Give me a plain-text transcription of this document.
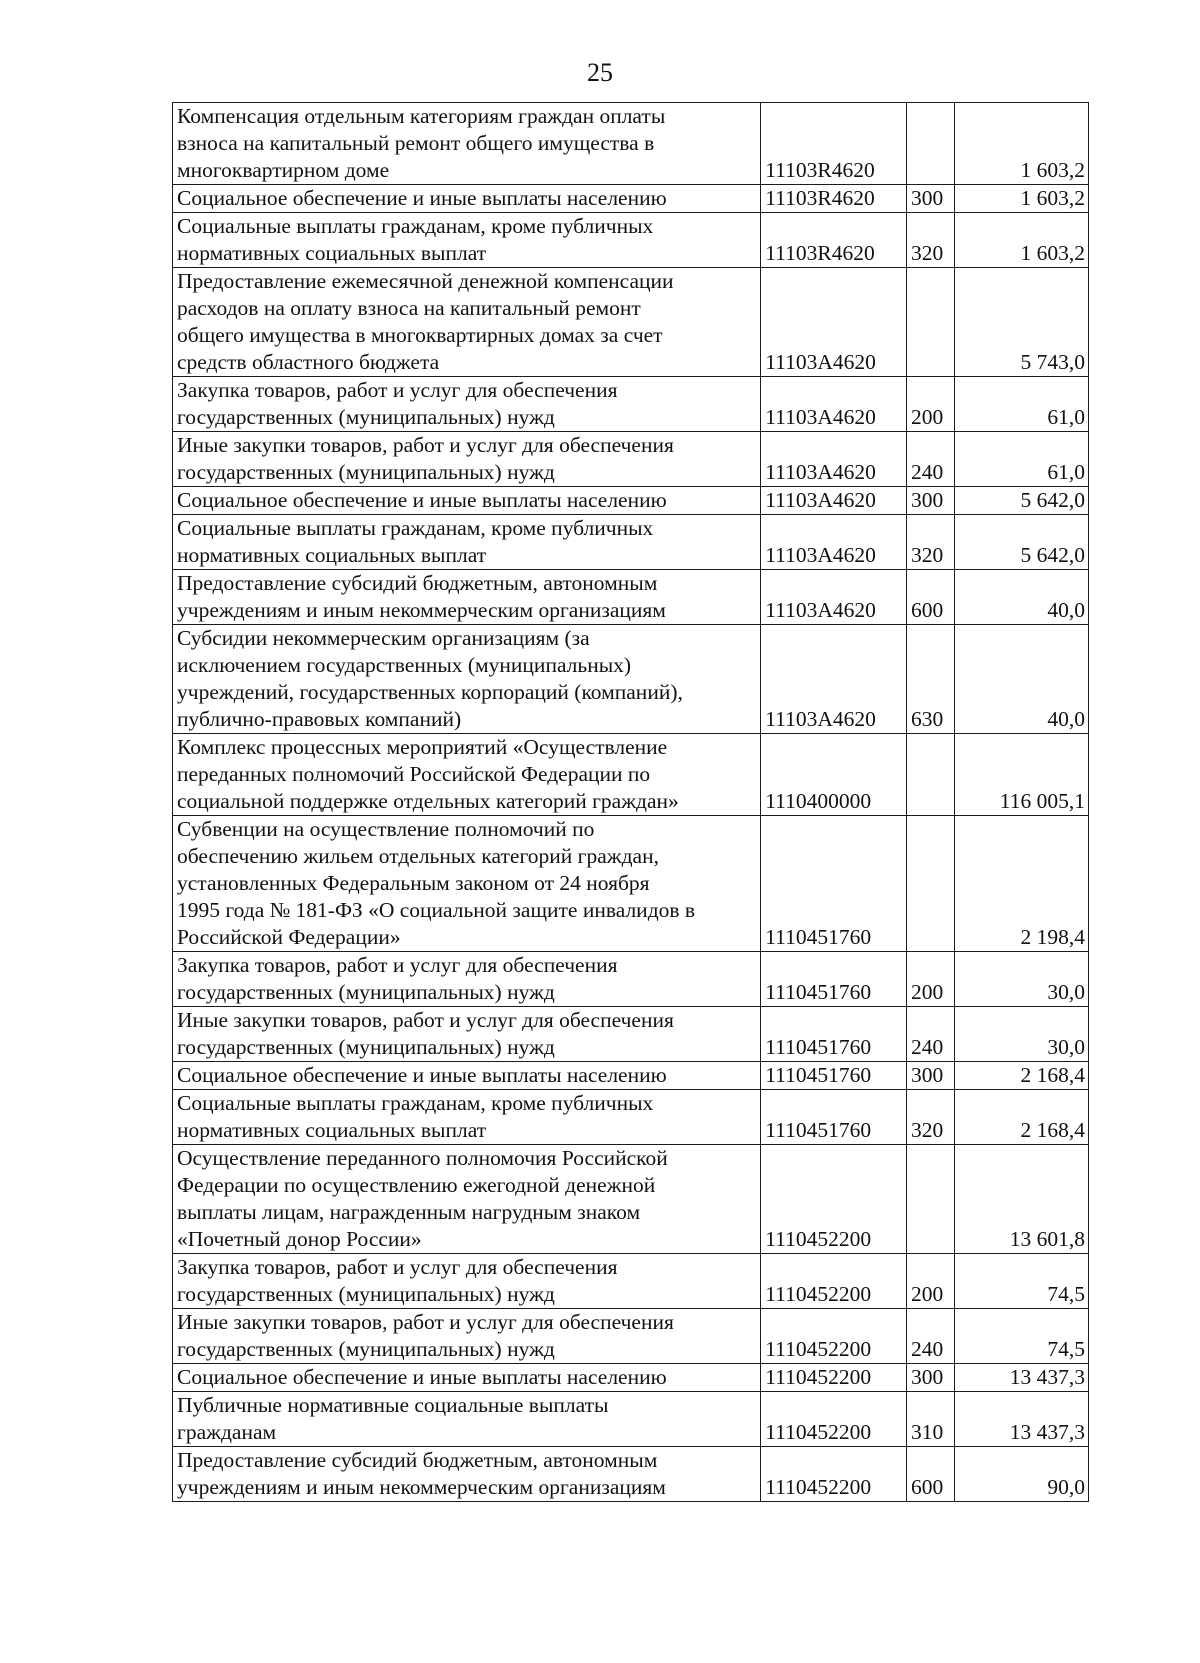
25
Компенсация отдельным категориям граждан оплаты
взноса на капитальный ремонт общего имущества в
многоквартирном доме	11103R4620		1 603,2

Социальное обеспечение и иные выплаты населению	11103R4620	300	1 603,2

Социальные выплаты гражданам, кроме публичных
нормативных социальных выплат	11103R4620	320	1 603,2

Предоставление ежемесячной денежной компенсации
расходов на оплату взноса на капитальный ремонт
общего имущества в многоквартирных домах за счет
средств областного бюджета	11103А4620		5 743,0

Закупка товаров, работ и услуг для обеспечения
государственных (муниципальных) нужд	11103А4620	200	61,0

Иные закупки товаров, работ и услуг для обеспечения
государственных (муниципальных) нужд	11103А4620	240	61,0

Социальное обеспечение и иные выплаты населению	11103А4620	300	5 642,0

Социальные выплаты гражданам, кроме публичных
нормативных социальных выплат	11103А4620	320	5 642,0

Предоставление субсидий бюджетным, автономным
учреждениям и иным некоммерческим организациям	11103А4620	600	40,0

Субсидии некоммерческим организациям (за
исключением государственных (муниципальных)
учреждений, государственных корпораций (компаний),
публично-правовых компаний)	11103А4620	630	40,0

Комплекс процессных мероприятий «Осуществление
переданных полномочий Российской Федерации по
социальной поддержке отдельных категорий граждан»	1110400000		116 005,1

Субвенции на осуществление полномочий по
обеспечению жильем отдельных категорий граждан,
установленных Федеральным законом от 24 ноября
1995 года № 181-ФЗ «О социальной защите инвалидов в
Российской Федерации»	1110451760		2 198,4

Закупка товаров, работ и услуг для обеспечения
государственных (муниципальных) нужд	1110451760	200	30,0

Иные закупки товаров, работ и услуг для обеспечения
государственных (муниципальных) нужд	1110451760	240	30,0

Социальное обеспечение и иные выплаты населению	1110451760	300	2 168,4

Социальные выплаты гражданам, кроме публичных
нормативных социальных выплат	1110451760	320	2 168,4

Осуществление переданного полномочия Российской
Федерации по осуществлению ежегодной денежной
выплаты лицам, награжденным нагрудным знаком
«Почетный донор России»	1110452200		13 601,8

Закупка товаров, работ и услуг для обеспечения
государственных (муниципальных) нужд	1110452200	200	74,5

Иные закупки товаров, работ и услуг для обеспечения
государственных (муниципальных) нужд	1110452200	240	74,5

Социальное обеспечение и иные выплаты населению	1110452200	300	13 437,3

Публичные нормативные социальные выплаты
гражданам	1110452200	310	13 437,3

Предоставление субсидий бюджетным, автономным
учреждениям и иным некоммерческим организациям	1110452200	600	90,0
